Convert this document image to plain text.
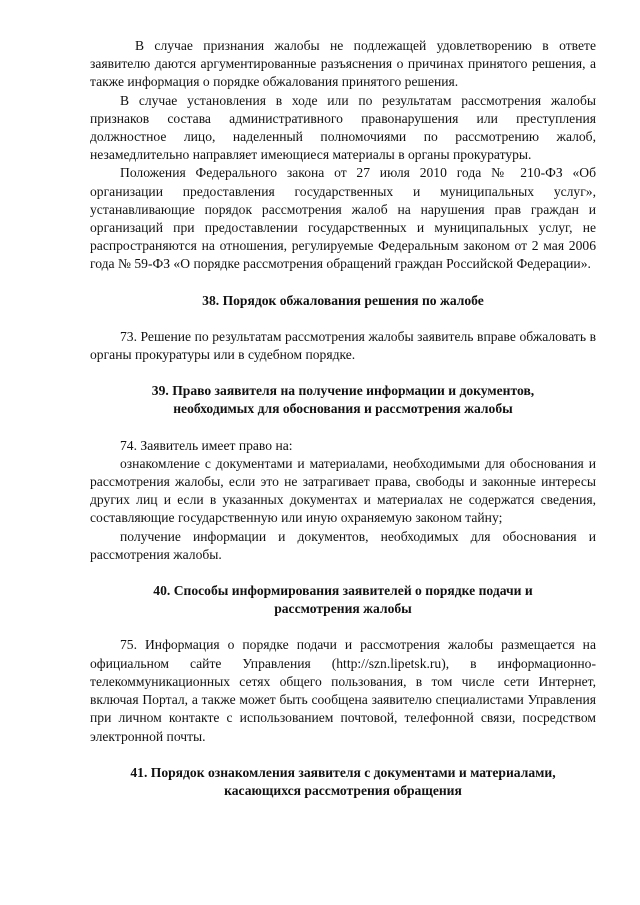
В случае признания жалобы не подлежащей удовлетворению в ответе заявителю даются аргументированные разъяснения о причинах принятого решения, а также информация о порядке обжалования принятого решения.

В случае установления в ходе или по результатам рассмотрения жалобы признаков состава административного правонарушения или преступления должностное лицо, наделенный полномочиями по рассмотрению жалоб, незамедлительно направляет имеющиеся материалы в органы прокуратуры.

Положения Федерального закона от 27 июля 2010 года № 210-ФЗ «Об организации предоставления государственных и муниципальных услуг», устанавливающие порядок рассмотрения жалоб на нарушения прав граждан и организаций при предоставлении государственных и муниципальных услуг, не распространяются на отношения, регулируемые Федеральным законом от 2 мая 2006 года № 59-ФЗ «О порядке рассмотрения обращений граждан Российской Федерации».

38. Порядок обжалования решения по жалобе

73. Решение по результатам рассмотрения жалобы заявитель вправе обжаловать в органы прокуратуры или в судебном порядке.

39. Право заявителя на получение информации и документов,
необходимых для обоснования и рассмотрения жалобы

74. Заявитель имеет право на:

ознакомление с документами и материалами, необходимыми для обоснования и рассмотрения жалобы, если это не затрагивает права, свободы и законные интересы других лиц и если в указанных документах и материалах не содержатся сведения, составляющие государственную или иную охраняемую законом тайну;

получение информации и документов, необходимых для обоснования и рассмотрения жалобы.

40. Способы информирования заявителей о порядке подачи и
рассмотрения жалобы

75. Информация о порядке подачи и рассмотрения жалобы размещается на официальном сайте Управления (http://szn.lipetsk.ru), в информационно-телекоммуникационных сетях общего пользования, в том числе сети Интернет, включая Портал, а также может быть сообщена заявителю специалистами Управления при личном контакте с использованием почтовой, телефонной связи, посредством электронной почты.

41. Порядок ознакомления заявителя с документами и материалами,
касающихся рассмотрения обращения
